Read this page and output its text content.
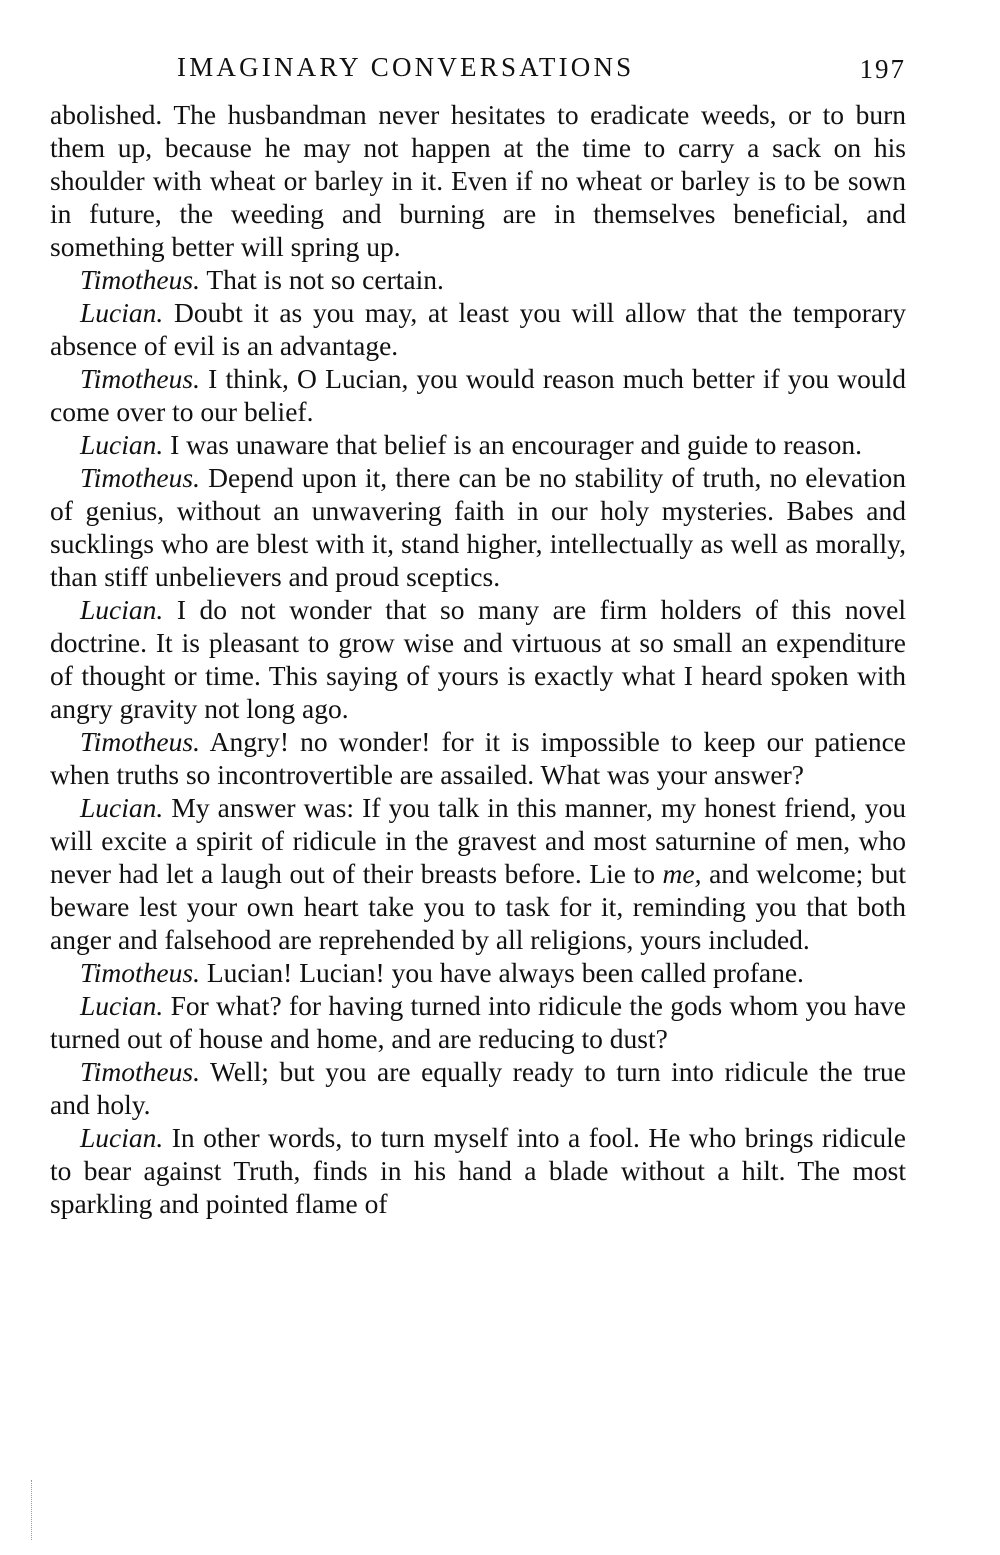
IMAGINARY CONVERSATIONS	197

abolished. The husbandman never hesitates to eradicate weeds, or to burn them up, because he may not happen at the time to carry a sack on his shoulder with wheat or barley in it. Even if no wheat or barley is to be sown in future, the weeding and burning are in themselves beneficial, and something better will spring up.

Timotheus. That is not so certain.

Lucian. Doubt it as you may, at least you will allow that the temporary absence of evil is an advantage.

Timotheus. I think, O Lucian, you would reason much better if you would come over to our belief.

Lucian. I was unaware that belief is an encourager and guide to reason.

Timotheus. Depend upon it, there can be no stability of truth, no elevation of genius, without an unwavering faith in our holy mysteries. Babes and sucklings who are blest with it, stand higher, intellectually as well as morally, than stiff unbelievers and proud sceptics.

Lucian. I do not wonder that so many are firm holders of this novel doctrine. It is pleasant to grow wise and virtuous at so small an expenditure of thought or time. This saying of yours is exactly what I heard spoken with angry gravity not long ago.

Timotheus. Angry! no wonder! for it is impossible to keep our patience when truths so incontrovertible are assailed. What was your answer?

Lucian. My answer was: If you talk in this manner, my honest friend, you will excite a spirit of ridicule in the gravest and most saturnine of men, who never had let a laugh out of their breasts before. Lie to me, and welcome; but beware lest your own heart take you to task for it, reminding you that both anger and falsehood are reprehended by all religions, yours included.

Timotheus. Lucian! Lucian! you have always been called profane.

Lucian. For what? for having turned into ridicule the gods whom you have turned out of house and home, and are reducing to dust?

Timotheus. Well; but you are equally ready to turn into ridicule the true and holy.

Lucian. In other words, to turn myself into a fool. He who brings ridicule to bear against Truth, finds in his hand a blade without a hilt. The most sparkling and pointed flame of
